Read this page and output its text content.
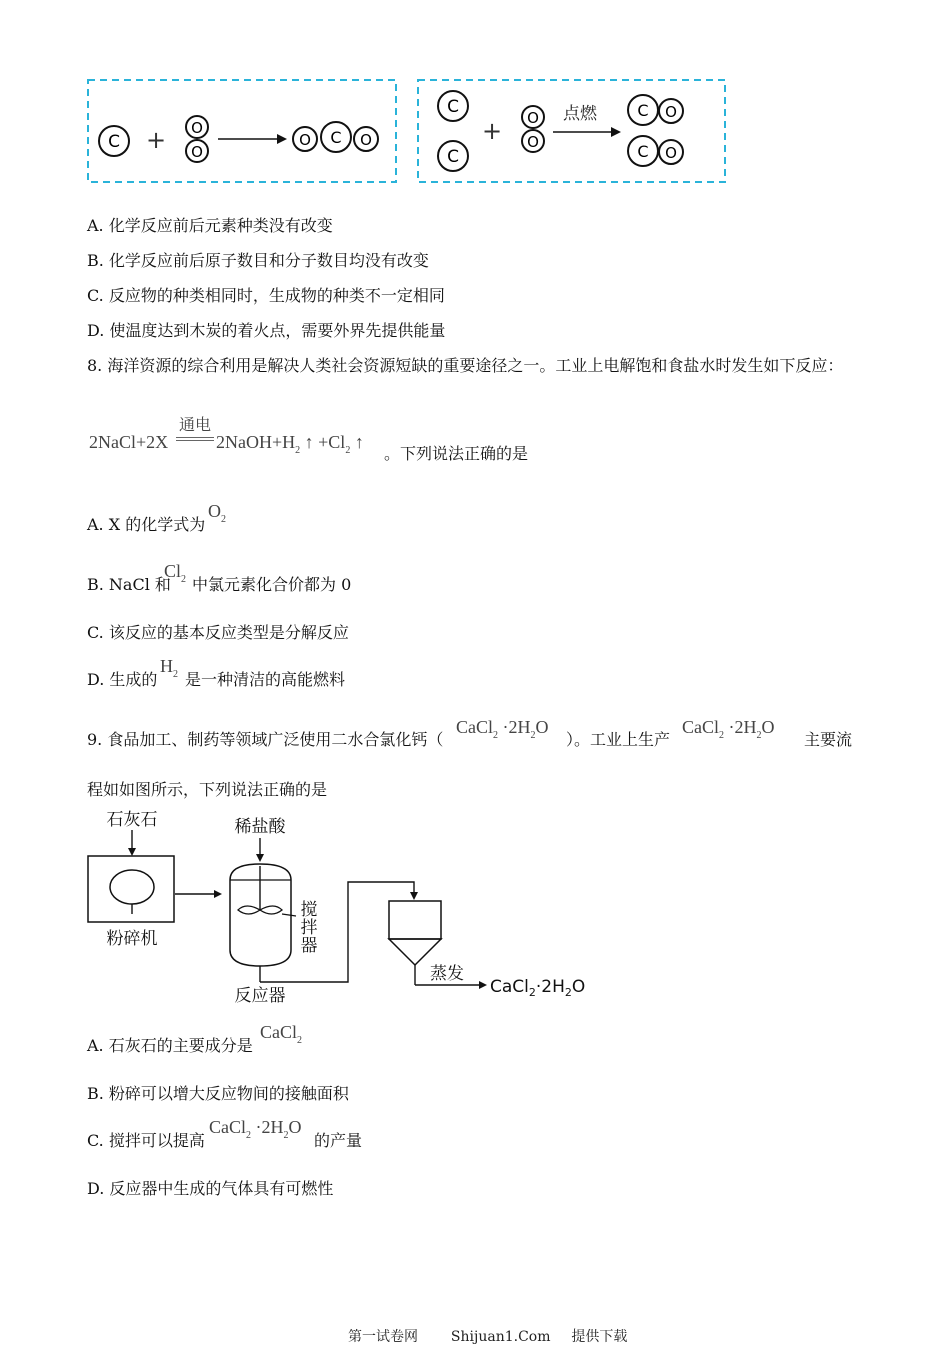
C + O
O
O	O
C
C
C
+ O
O
点燃	O
C
O
C
A. 化学反应前后元素种类没有改变
B. 化学反应前后原子数目和分子数目均没有改变
C. 反应物的种类相同时，生成物的种类不一定相同
D. 使温度达到木炭的着火点，需要外界先提供能量
8. 海洋资源的综合利用是解决人类社会资源短缺的重要途径之一。工业上电解饱和食盐水时发生如下反应：
2NaCl+2X
通电
$2NaOH+H_2$ ↑ $+Cl_2$ ↑
。下列说法正确的是
A. X 的化学式为
$O_2$
B. NaCl 和
$Cl_2$ 中氯元素化合价都为 0
C. 该反应的基本反应类型是分解反应
D. 生成的
$H_2$ 是一种清洁的高能燃料
9. 食品加工、制药等领域广泛使用二水合氯化钙（
CaCl$_2$ $\cdot 2H_2O$
）。工业上生产
CaCl$_2$ $\cdot 2H_2O$
主要流
程如如图所示，下列说法正确的是
石灰石
粉碎机
稀盐酸
搅
拌
器
反应器
蒸发
$CaCl_2\cdot 2H_2O$
A. 石灰石的主要成分是
CaCl$_2$
B. 粉碎可以增大反应物间的接触面积
C. 搅拌可以提高
CaCl$_2$ $\cdot 2H_2O$
的产量
D. 反应器中生成的气体具有可燃性
第一试卷网 Shijuan1.Com 提供下载
